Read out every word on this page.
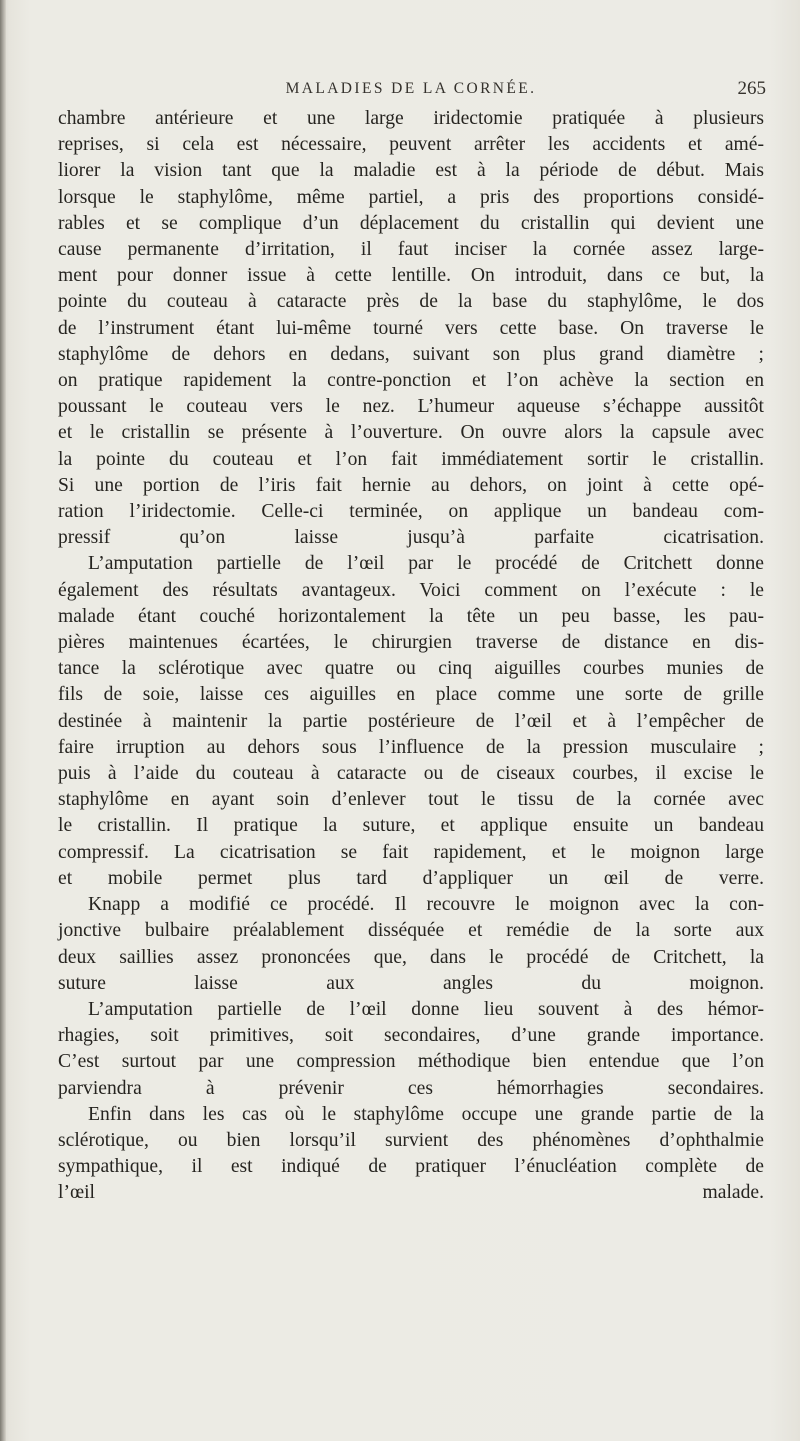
MALADIES DE LA CORNÉE.	265
chambre antérieure et une large iridectomie pratiquée à plusieurs
reprises, si cela est nécessaire, peuvent arrêter les accidents et amé-
liorer la vision tant que la maladie est à la période de début. Mais
lorsque le staphylôme, même partiel, a pris des proportions considé-
rables et se complique d’un déplacement du cristallin qui devient une
cause permanente d’irritation, il faut inciser la cornée assez large-
ment pour donner issue à cette lentille. On introduit, dans ce but, la
pointe du couteau à cataracte près de la base du staphylôme, le dos
de l’instrument étant lui-même tourné vers cette base. On traverse le
staphylôme de dehors en dedans, suivant son plus grand diamètre ;
on pratique rapidement la contre-ponction et l’on achève la section en
poussant le couteau vers le nez. L’humeur aqueuse s’échappe aussitôt
et le cristallin se présente à l’ouverture. On ouvre alors la capsule avec
la pointe du couteau et l’on fait immédiatement sortir le cristallin.
Si une portion de l’iris fait hernie au dehors, on joint à cette opé-
ration l’iridectomie. Celle-ci terminée, on applique un bandeau com-
pressif qu’on laisse jusqu’à parfaite cicatrisation.
L’amputation partielle de l’œil par le procédé de Critchett donne
également des résultats avantageux. Voici comment on l’exécute : le
malade étant couché horizontalement la tête un peu basse, les pau-
pières maintenues écartées, le chirurgien traverse de distance en dis-
tance la sclérotique avec quatre ou cinq aiguilles courbes munies de
fils de soie, laisse ces aiguilles en place comme une sorte de grille
destinée à maintenir la partie postérieure de l’œil et à l’empêcher de
faire irruption au dehors sous l’influence de la pression musculaire ;
puis à l’aide du couteau à cataracte ou de ciseaux courbes, il excise le
staphylôme en ayant soin d’enlever tout le tissu de la cornée avec
le cristallin. Il pratique la suture, et applique ensuite un bandeau
compressif. La cicatrisation se fait rapidement, et le moignon large
et mobile permet plus tard d’appliquer un œil de verre.
Knapp a modifié ce procédé. Il recouvre le moignon avec la con-
jonctive bulbaire préalablement disséquée et remédie de la sorte aux
deux saillies assez prononcées que, dans le procédé de Critchett, la
suture laisse aux angles du moignon.
L’amputation partielle de l’œil donne lieu souvent à des hémor-
rhagies, soit primitives, soit secondaires, d’une grande importance.
C’est surtout par une compression méthodique bien entendue que l’on
parviendra à prévenir ces hémorrhagies secondaires.
Enfin dans les cas où le staphylôme occupe une grande partie de la
sclérotique, ou bien lorsqu’il survient des phénomènes d’ophthalmie
sympathique, il est indiqué de pratiquer l’énucléation complète de
l’œil malade.
